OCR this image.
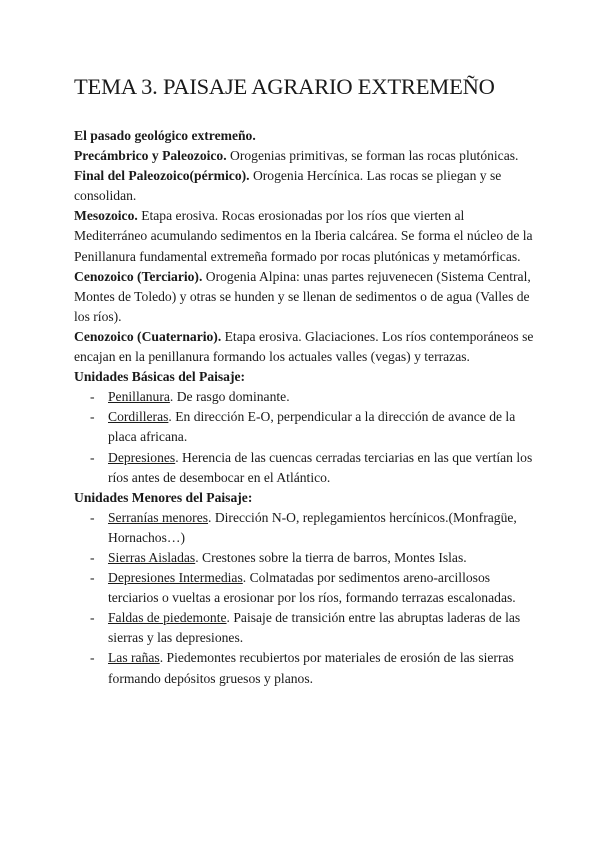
TEMA 3. PAISAJE AGRARIO EXTREMEÑO

El pasado geológico extremeño.

Precámbrico y Paleozoico. Orogenias primitivas, se forman las rocas plutónicas.

Final del Paleozoico(pérmico). Orogenia Hercínica. Las rocas se pliegan y se consolidan.

Mesozoico. Etapa erosiva. Rocas erosionadas por los ríos que vierten al Mediterráneo acumulando sedimentos en la Iberia calcárea. Se forma el núcleo de la Penillanura fundamental extremeña formado por rocas plutónicas y metamórficas.

Cenozoico (Terciario). Orogenia Alpina: unas partes rejuvenecen (Sistema Central, Montes de Toledo) y otras se hunden y se llenan de sedimentos o de agua (Valles de los ríos).

Cenozoico (Cuaternario). Etapa erosiva. Glaciaciones. Los ríos contemporáneos se encajan en la penillanura formando los actuales valles (vegas) y terrazas.

Unidades Básicas del Paisaje:

- Penillanura. De rasgo dominante.
- Cordilleras. En dirección E-O, perpendicular a la dirección de avance de la placa africana.
- Depresiones. Herencia de las cuencas cerradas terciarias en las que vertían los ríos antes de desembocar en el Atlántico.

Unidades Menores del Paisaje:

- Serranías menores. Dirección N-O, replegamientos hercínicos.(Monfragüe, Hornachos…)
- Sierras Aisladas. Crestones sobre la tierra de barros, Montes Islas.
- Depresiones Intermedias. Colmatadas por sedimentos areno-arcillosos terciarios o vueltas a erosionar por los ríos, formando terrazas escalonadas.
- Faldas de piedemonte. Paisaje de transición entre las abruptas laderas de las sierras y las depresiones.
- Las rañas. Piedemontes recubiertos por materiales de erosión de las sierras formando depósitos gruesos y planos.
